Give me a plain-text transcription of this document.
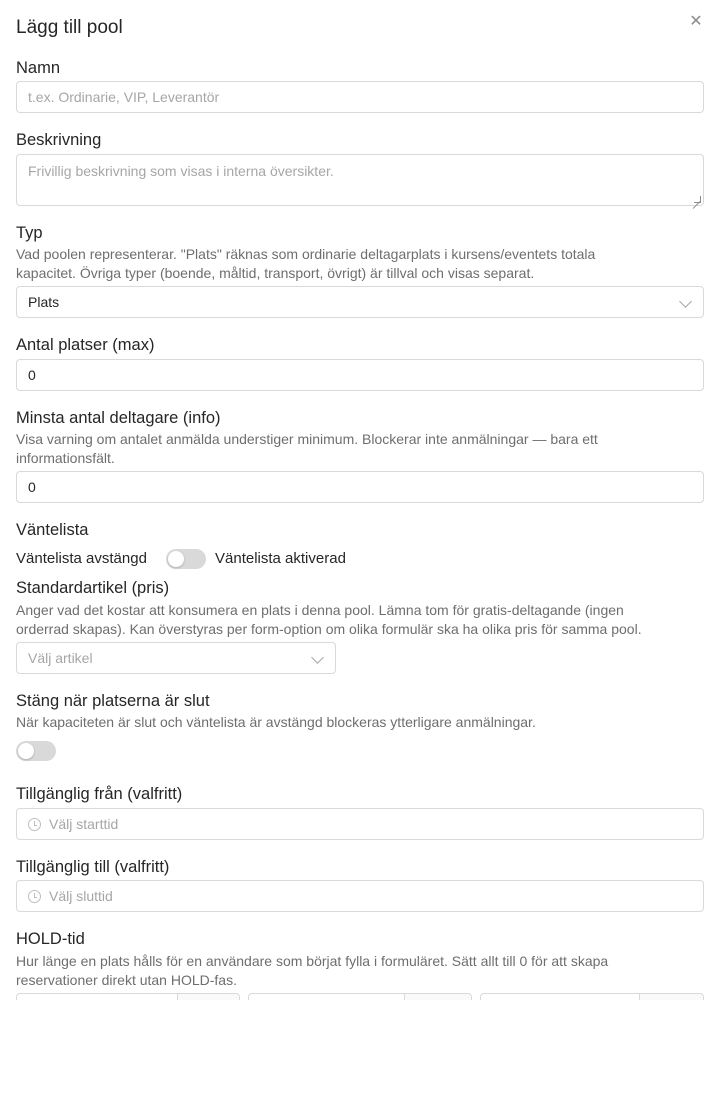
Lägg till pool	✕
Namn
t.ex. Ordinarie, VIP, Leverantör
Beskrivning
Frivillig beskrivning som visas i interna översikter.
Typ
Vad poolen representerar. "Plats" räknas som ordinarie deltagarplats i kursens/eventets totala
kapacitet. Övriga typer (boende, måltid, transport, övrigt) är tillval och visas separat.
Plats
Antal platser (max)
0
Minsta antal deltagare (info)
Visa varning om antalet anmälda understiger minimum. Blockerar inte anmälningar — bara ett
informationsfält.
0
Väntelista
Väntelista avstängd	Väntelista aktiverad
Standardartikel (pris)
Anger vad det kostar att konsumera en plats i denna pool. Lämna tom för gratis-deltagande (ingen
orderrad skapas). Kan överstyras per form-option om olika formulär ska ha olika pris för samma pool.
Välj artikel
Stäng när platserna är slut
När kapaciteten är slut och väntelista är avstängd blockeras ytterligare anmälningar.
Tillgänglig från (valfritt)
Välj starttid
Tillgänglig till (valfritt)
Välj sluttid
HOLD-tid
Hur länge en plats hålls för en användare som börjat fylla i formuläret. Sätt allt till 0 för att skapa
reservationer direkt utan HOLD-fas.
